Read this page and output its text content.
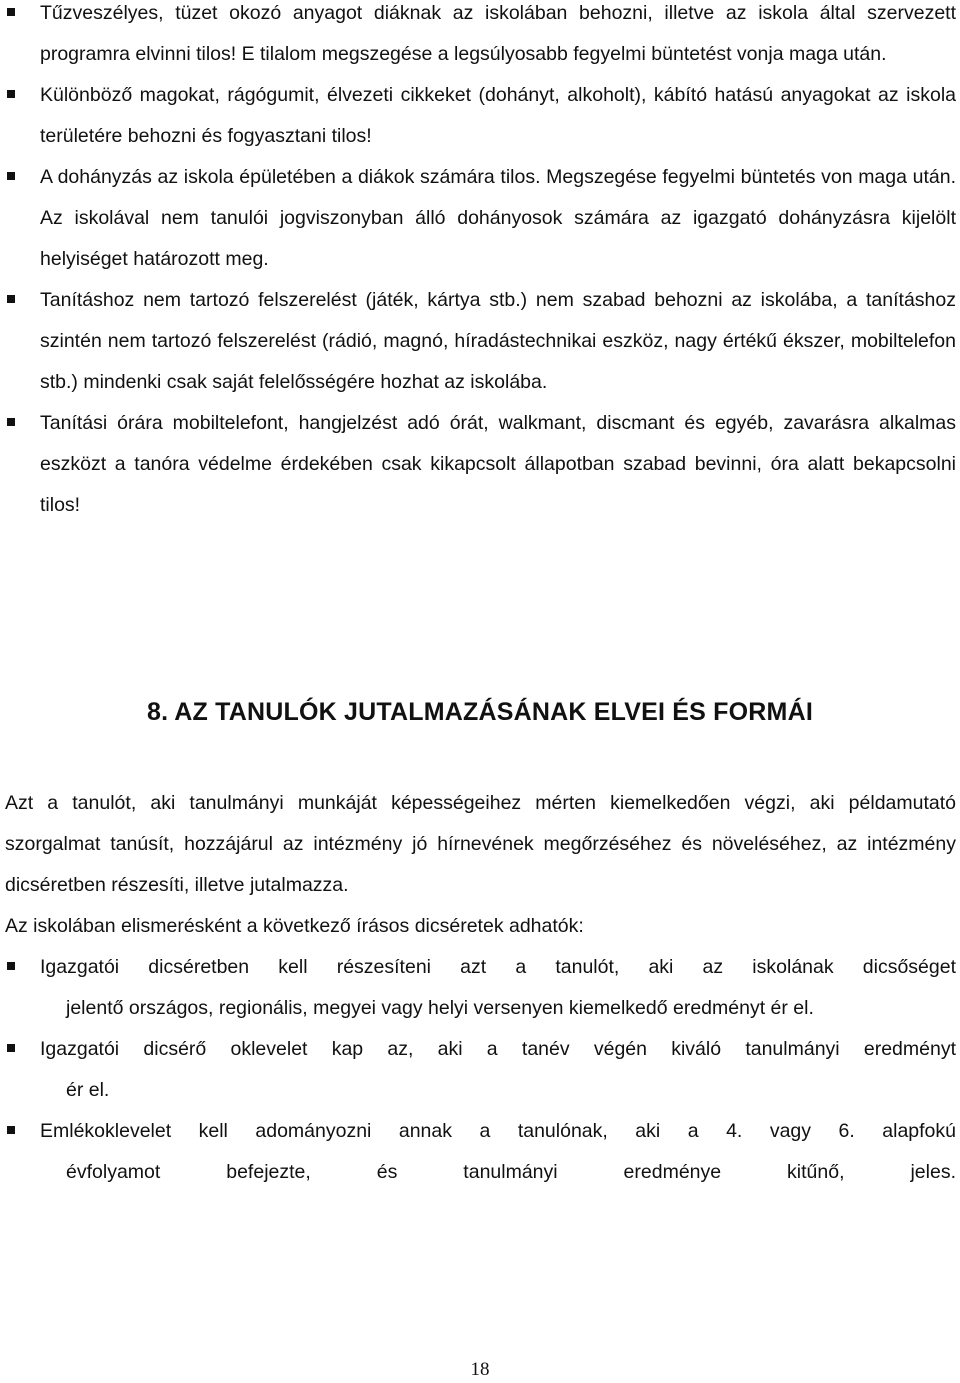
Tűzveszélyes, tüzet okozó anyagot diáknak az iskolában behozni, illetve az iskola által szervezett programra elvinni tilos! E tilalom megszegése a legsúlyosabb fegyelmi büntetést vonja maga után.
Különböző magokat, rágógumit, élvezeti cikkeket (dohányt, alkoholt), kábító hatású anyagokat az iskola területére behozni és fogyasztani tilos!
A dohányzás az iskola épületében a diákok számára tilos. Megszegése fegyelmi büntetés von maga után. Az iskolával nem tanulói jogviszonyban álló dohányosok számára az igazgató dohányzásra kijelölt helyiséget határozott meg.
Tanításhoz nem tartozó felszerelést (játék, kártya stb.) nem szabad behozni az iskolába, a tanításhoz szintén nem tartozó felszerelést (rádió, magnó, híradástechnikai eszköz, nagy értékű ékszer, mobiltelefon stb.) mindenki csak saját felelősségére hozhat az iskolába.
Tanítási órára mobiltelefont, hangjelzést adó órát, walkmant, discmant és egyéb, zavarásra alkalmas eszközt a tanóra védelme érdekében csak kikapcsolt állapotban szabad bevinni, óra alatt bekapcsolni tilos!
8. AZ TANULÓK JUTALMAZÁSÁNAK ELVEI ÉS FORMÁI
Azt a tanulót, aki tanulmányi munkáját képességeihez mérten kiemelkedően végzi, aki példamutató szorgalmat tanúsít, hozzájárul az intézmény jó hírnevének megőrzéséhez és növeléséhez, az intézmény dicséretben részesíti, illetve jutalmazza.
Az iskolában elismerésként a következő írásos dicséretek adhatók:
Igazgatói dicséretben kell részesíteni azt a tanulót, aki az iskolának dicsőséget
jelentő országos, regionális, megyei vagy helyi versenyen kiemelkedő eredményt ér el.
Igazgatói dicsérő oklevelet kap az, aki a tanév végén kiváló tanulmányi eredményt
ér el.
Emlékoklevelet kell adományozni annak a tanulónak, aki a 4. vagy 6. alapfokú
évfolyamot befejezte, és tanulmányi eredménye kitűnő, jeles.
18
